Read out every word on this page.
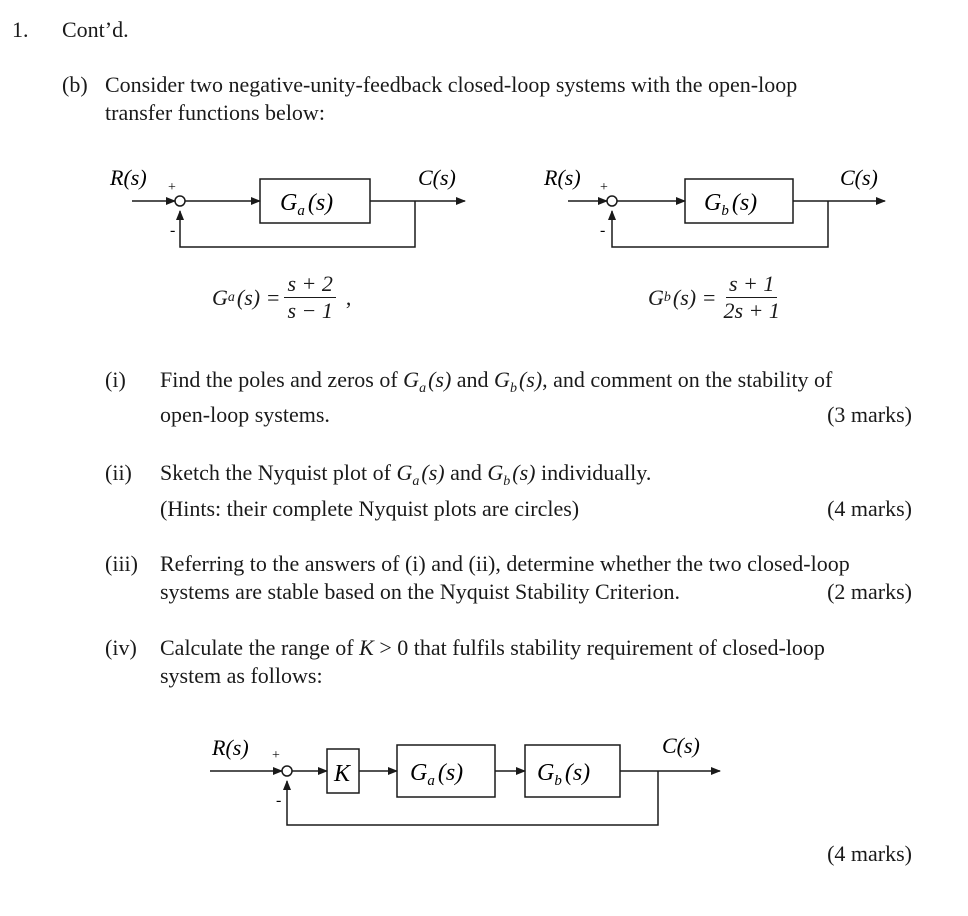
1. Cont’d.
(b) Consider two negative-unity-feedback closed-loop systems with the open-loop
transfer functions below:
R(s) +
-
$G_a$ (s)
C(s)	R(s) +
-
$G_b$ (s)
C(s)
G a $(s) = \frac{s + 2}{s - 1}$ ,	G b $(s) = \frac{s + 1}{2s + 1}$
(i) Find the poles and zeros of $G_a(s)$ and $G_b(s)$, and comment on the stability of
open-loop systems.	(3 marks)
(ii) Sketch the Nyquist plot of $G_a(s)$ and $G_b(s)$ individually.
(Hints: their complete Nyquist plots are circles)	(4 marks)
(iii) Referring to the answers of (i) and (ii), determine whether the two closed-loop
systems are stable based on the Nyquist Stability Criterion.	(2 marks)
(iv) Calculate the range of K > 0 that fulfils stability requirement of closed-loop
system as follows:
R(s) +
-
K $G_a$ (s)	$G_b$ (s)
C(s)
(4 marks)
